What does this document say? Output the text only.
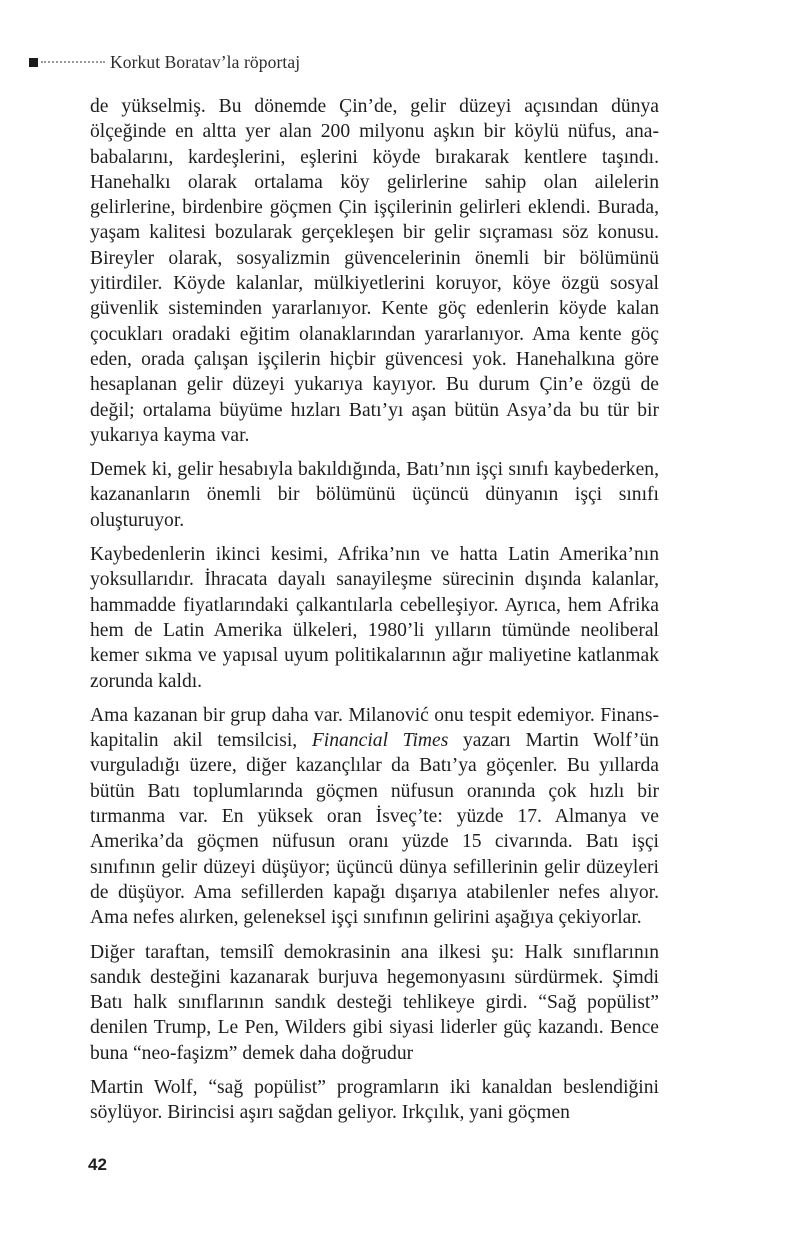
Korkut Boratav’la röportaj

de yükselmiş. Bu dönemde Çin’de, gelir düzeyi açısından dünya ölçeğinde en altta yer alan 200 milyonu aşkın bir köylü nüfus, ana-babalarını, kardeşlerini, eşlerini köyde bırakarak kentlere taşındı. Hanehalkı olarak ortalama köy gelirlerine sahip olan ailelerin gelirlerine, birdenbire göçmen Çin işçilerinin gelirleri eklendi. Burada, yaşam kalitesi bozularak gerçekleşen bir gelir sıçraması söz konusu. Bireyler olarak, sosyalizmin güvencelerinin önemli bir bölümünü yitirdiler. Köyde kalanlar, mülkiyetlerini koruyor, köye özgü sosyal güvenlik sisteminden yararlanıyor. Kente göç edenlerin köyde kalan çocukları oradaki eğitim olanaklarından yararlanıyor. Ama kente göç eden, orada çalışan işçilerin hiçbir güvencesi yok. Hanehalkına göre hesaplanan gelir düzeyi yukarıya kayıyor. Bu durum Çin’e özgü de değil; ortalama büyüme hızları Batı’yı aşan bütün Asya’da bu tür bir yukarıya kayma var.

Demek ki, gelir hesabıyla bakıldığında, Batı’nın işçi sınıfı kaybederken, kazananların önemli bir bölümünü üçüncü dünyanın işçi sınıfı oluşturuyor.

Kaybedenlerin ikinci kesimi, Afrika’nın ve hatta Latin Amerika’nın yoksullarıdır. İhracata dayalı sanayileşme sürecinin dışında kalanlar, hammadde fiyatlarındaki çalkantılarla cebelleşiyor. Ayrıca, hem Afrika hem de Latin Amerika ülkeleri, 1980’li yılların tümünde neoliberal kemer sıkma ve yapısal uyum politikalarının ağır maliyetine katlanmak zorunda kaldı.

Ama kazanan bir grup daha var. Milanović onu tespit edemiyor. Finans-kapitalin akil temsilcisi, Financial Times yazarı Martin Wolf’ün vurguladığı üzere, diğer kazançlılar da Batı’ya göçenler. Bu yıllarda bütün Batı toplumlarında göçmen nüfusun oranında çok hızlı bir tırmanma var. En yüksek oran İsveç’te: yüzde 17. Almanya ve Amerika’da göçmen nüfusun oranı yüzde 15 civarında. Batı işçi sınıfının gelir düzeyi düşüyor; üçüncü dünya sefillerinin gelir düzeyleri de düşüyor. Ama sefillerden kapağı dışarıya atabilenler nefes alıyor. Ama nefes alırken, geleneksel işçi sınıfının gelirini aşağıya çekiyorlar.

Diğer taraftan, temsilî demokrasinin ana ilkesi şu: Halk sınıflarının sandık desteğini kazanarak burjuva hegemonyasını sürdürmek. Şimdi Batı halk sınıflarının sandık desteği tehlikeye girdi. “Sağ popülist” denilen Trump, Le Pen, Wilders gibi siyasi liderler güç kazandı. Bence buna “neo-faşizm” demek daha doğrudur

Martin Wolf, “sağ popülist” programların iki kanaldan beslendiğini söylüyor. Birincisi aşırı sağdan geliyor. Irkçılık, yani göçmen

42
